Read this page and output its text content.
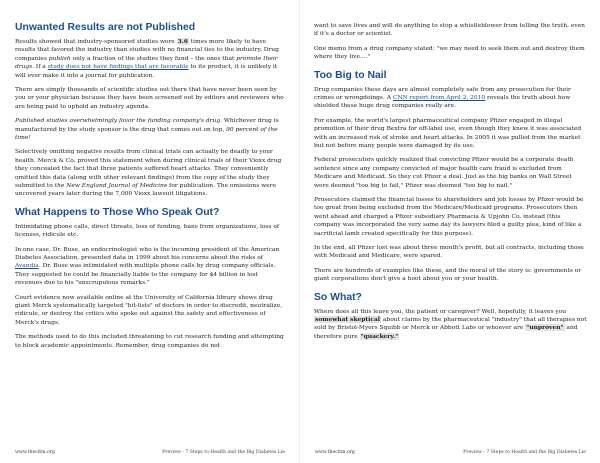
Unwanted Results are not Published

Results showed that industry-sponsored studies were 3.6 times more likely to have results that favored the industry than studies with no financial ties to the industry. Drug companies publish only a fraction of the studies they fund – the ones that promote their drugs. If a study does not have findings that are favorable to its product, it is unlikely it will ever make it into a journal for publication.

There are simply thousands of scientific studies out there that have never been seen by you or your physician because they have been screened out by editors and reviewers who are being paid to uphold an industry agenda.

Published studies overwhelmingly favor the funding company's drug. Whichever drug is manufactured by the study sponsor is the drug that comes out on top, 90 percent of the time!

Selectively omitting negative results from clinical trials can actually be deadly to your health. Merck & Co. proved this statement when during clinical trials of their Vioxx drug they concealed the fact that three patients suffered heart attacks. They conveniently omitted this data (along with other relevant findings) from the copy of the study they submitted to the New England Journal of Medicine for publication. The omissions were uncovered years later during the 7,000 Vioxx lawsuit litigations.

What Happens to Those Who Speak Out?

Intimidating phone calls, direct threats, loss of funding, bans from organizations, loss of licenses, ridicule etc.

In one case, Dr. Buse, an endocrinologist who is the incoming president of the American Diabetes Association, presented data in 1999 about his concerns about the risks of Avandia. Dr. Buse was intimidated with multiple phone calls by drug company officials. They suggested he could be financially liable to the company for $4 billion in lost revenues due to his "unscrupulous remarks."

Court evidence now available online at the University of California library shows drug giant Merck systematically targeted "hit-lists" of doctors in order to discredit, neutralize, ridicule, or destroy the critics who spoke out against the safety and effectiveness of Merck's drugs.

The methods used to do this included threatening to cut research funding and attempting to block academic appointments. Remember, drug companies do not

www.thecitm.org	Preview - 7 Steps to Health and the Big Diabetes Lie

want to save lives and will do anything to stop a whistleblower from telling the truth, even if it's a doctor or scientist.

One memo from a drug company stated: "we may need to seek them out and destroy them where they live…."

Too Big to Nail

Drug companies these days are almost completely safe from any prosecution for their crimes or wrongdoings. A CNN report from April 2, 2010 reveals the truth about how shielded these huge drug companies really are.

For example, the world's largest pharmaceutical company Pfizer engaged in illegal promotion of their drug Bextra for off-label use, even though they knew it was associated with an increased risk of stroke and heart attacks. In 2005 it was pulled from the market but not before many people were damaged by its use.

Federal prosecutors quickly realized that convicting Pfizer would be a corporate death sentence since any company convicted of major health care fraud is excluded from Medicare and Medicaid. So they cut Pfizer a deal. Just as the big banks on Wall Street were deemed "too big to fail," Pfizer was deemed "too big to nail."

Prosecutors claimed the financial losses to shareholders and job losses by Pfizer would be too great from being excluded from the Medicare/Medicaid programs. Prosecutors then went ahead and charged a Pfizer subsidiary Pharmacia & Upjohn Co. instead (this company was incorporated the very same day its lawyers filed a guilty plea, kind of like a sacrificial lamb created specifically for this purpose).

In the end, all Pfizer lost was about three month's profit, but all contracts, including those with Medicaid and Medicare, were spared.

There are hundreds of examples like these, and the moral of the story is: governments or giant corporations don't give a hoot about you or your health.

So What?

Where does all this leave you, the patient or caregiver? Well, hopefully, it leaves you somewhat skeptical about claims by the pharmaceutical "industry" that all therapies not sold by Bristol-Myers Squibb or Merck or Abbott Labs or whoever are "unproven" and therefore pure "quackery."

www.thecitm.org	Preview - 7 Steps to Health and the Big Diabetes Lie
